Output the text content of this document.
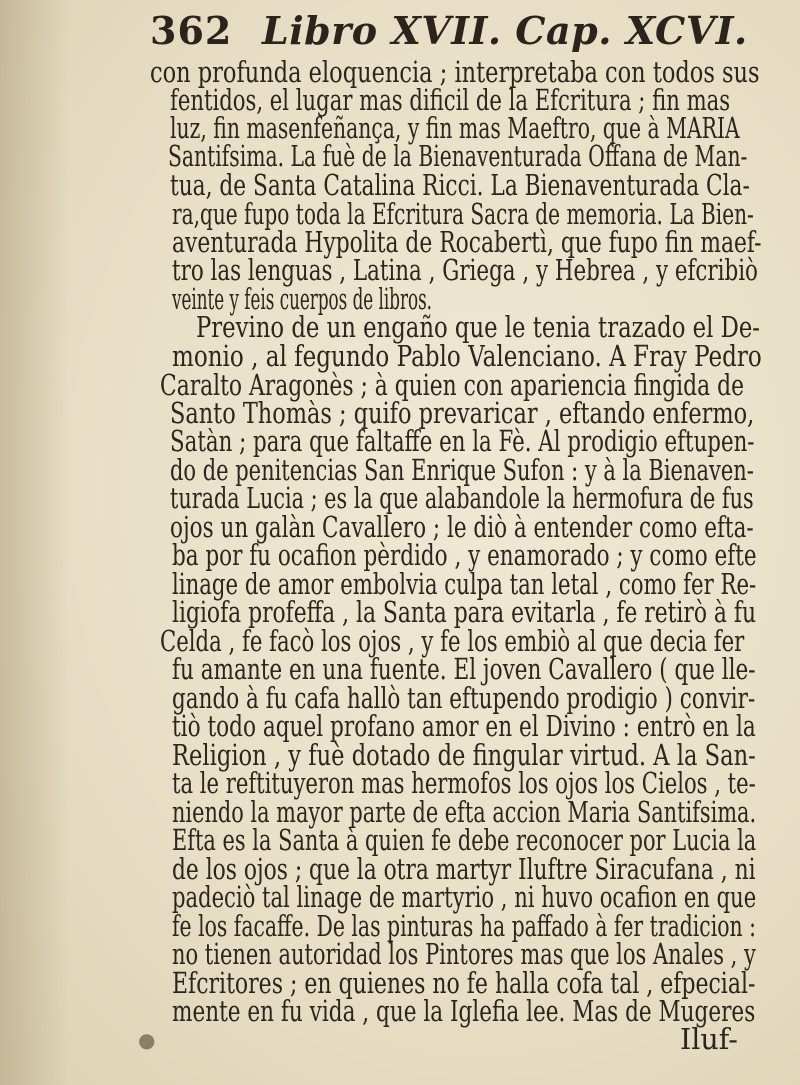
362 Libro XVII. Cap. XCVI.
con profunda eloquencia ; interpretaba con todos sus
fentidos, el lugar mas dificil de la Efcritura ; fin mas
luz, fin masenfeñança, y fin mas Maeftro, que à MARIA
Santifsima. La fuè de la Bienaventurada Offana de Man-
tua, de Santa Catalina Ricci. La Bienaventurada Cla-
ra,que fupo toda la Efcritura Sacra de memoria. La Bien-
aventurada Hypolita de Rocabertì, que fupo fin maef-
tro las lenguas , Latina , Griega , y Hebrea , y efcribiò
veinte y feis cuerpos de libros.
Previno de un engaño que le tenia trazado el De-
monio , al fegundo Pablo Valenciano. A Fray Pedro
Caralto Aragonès ; à quien con apariencia fingida de
Santo Thomàs ; quifo prevaricar , eftando enfermo,
Satàn ; para que faltaffe en la Fè. Al prodigio eftupen-
do de penitencias San Enrique Sufon : y à la Bienaven-
turada Lucia ; es la que alabandole la hermofura de fus
ojos un galàn Cavallero ; le diò à entender como efta-
ba por fu ocafion pèrdido , y enamorado ; y como efte
linage de amor embolvia culpa tan letal , como fer Re-
ligiofa profeffa , la Santa para evitarla , fe retirò à fu
Celda , fe facò los ojos , y fe los embiò al que decia fer
fu amante en una fuente. El joven Cavallero ( que lle-
gando à fu cafa hallò tan eftupendo prodigio ) convir-
tiò todo aquel profano amor en el Divino : entrò en la
Religion , y fuè dotado de fingular virtud. A la San-
ta le reftituyeron mas hermofos los ojos los Cielos , te-
niendo la mayor parte de efta accion Maria Santifsima.
Efta es la Santa à quien fe debe reconocer por Lucia la
de los ojos ; que la otra martyr Iluftre Siracufana , ni
padeciò tal linage de martyrio , ni huvo ocafion en que
fe los facaffe. De las pinturas ha paffado à fer tradicion :
no tienen autoridad los Pintores mas que los Anales , y
Efcritores ; en quienes no fe halla cofa tal , efpecial-
mente en fu vida , que la Iglefia lee. Mas de Mugeres
Iluf-
●
